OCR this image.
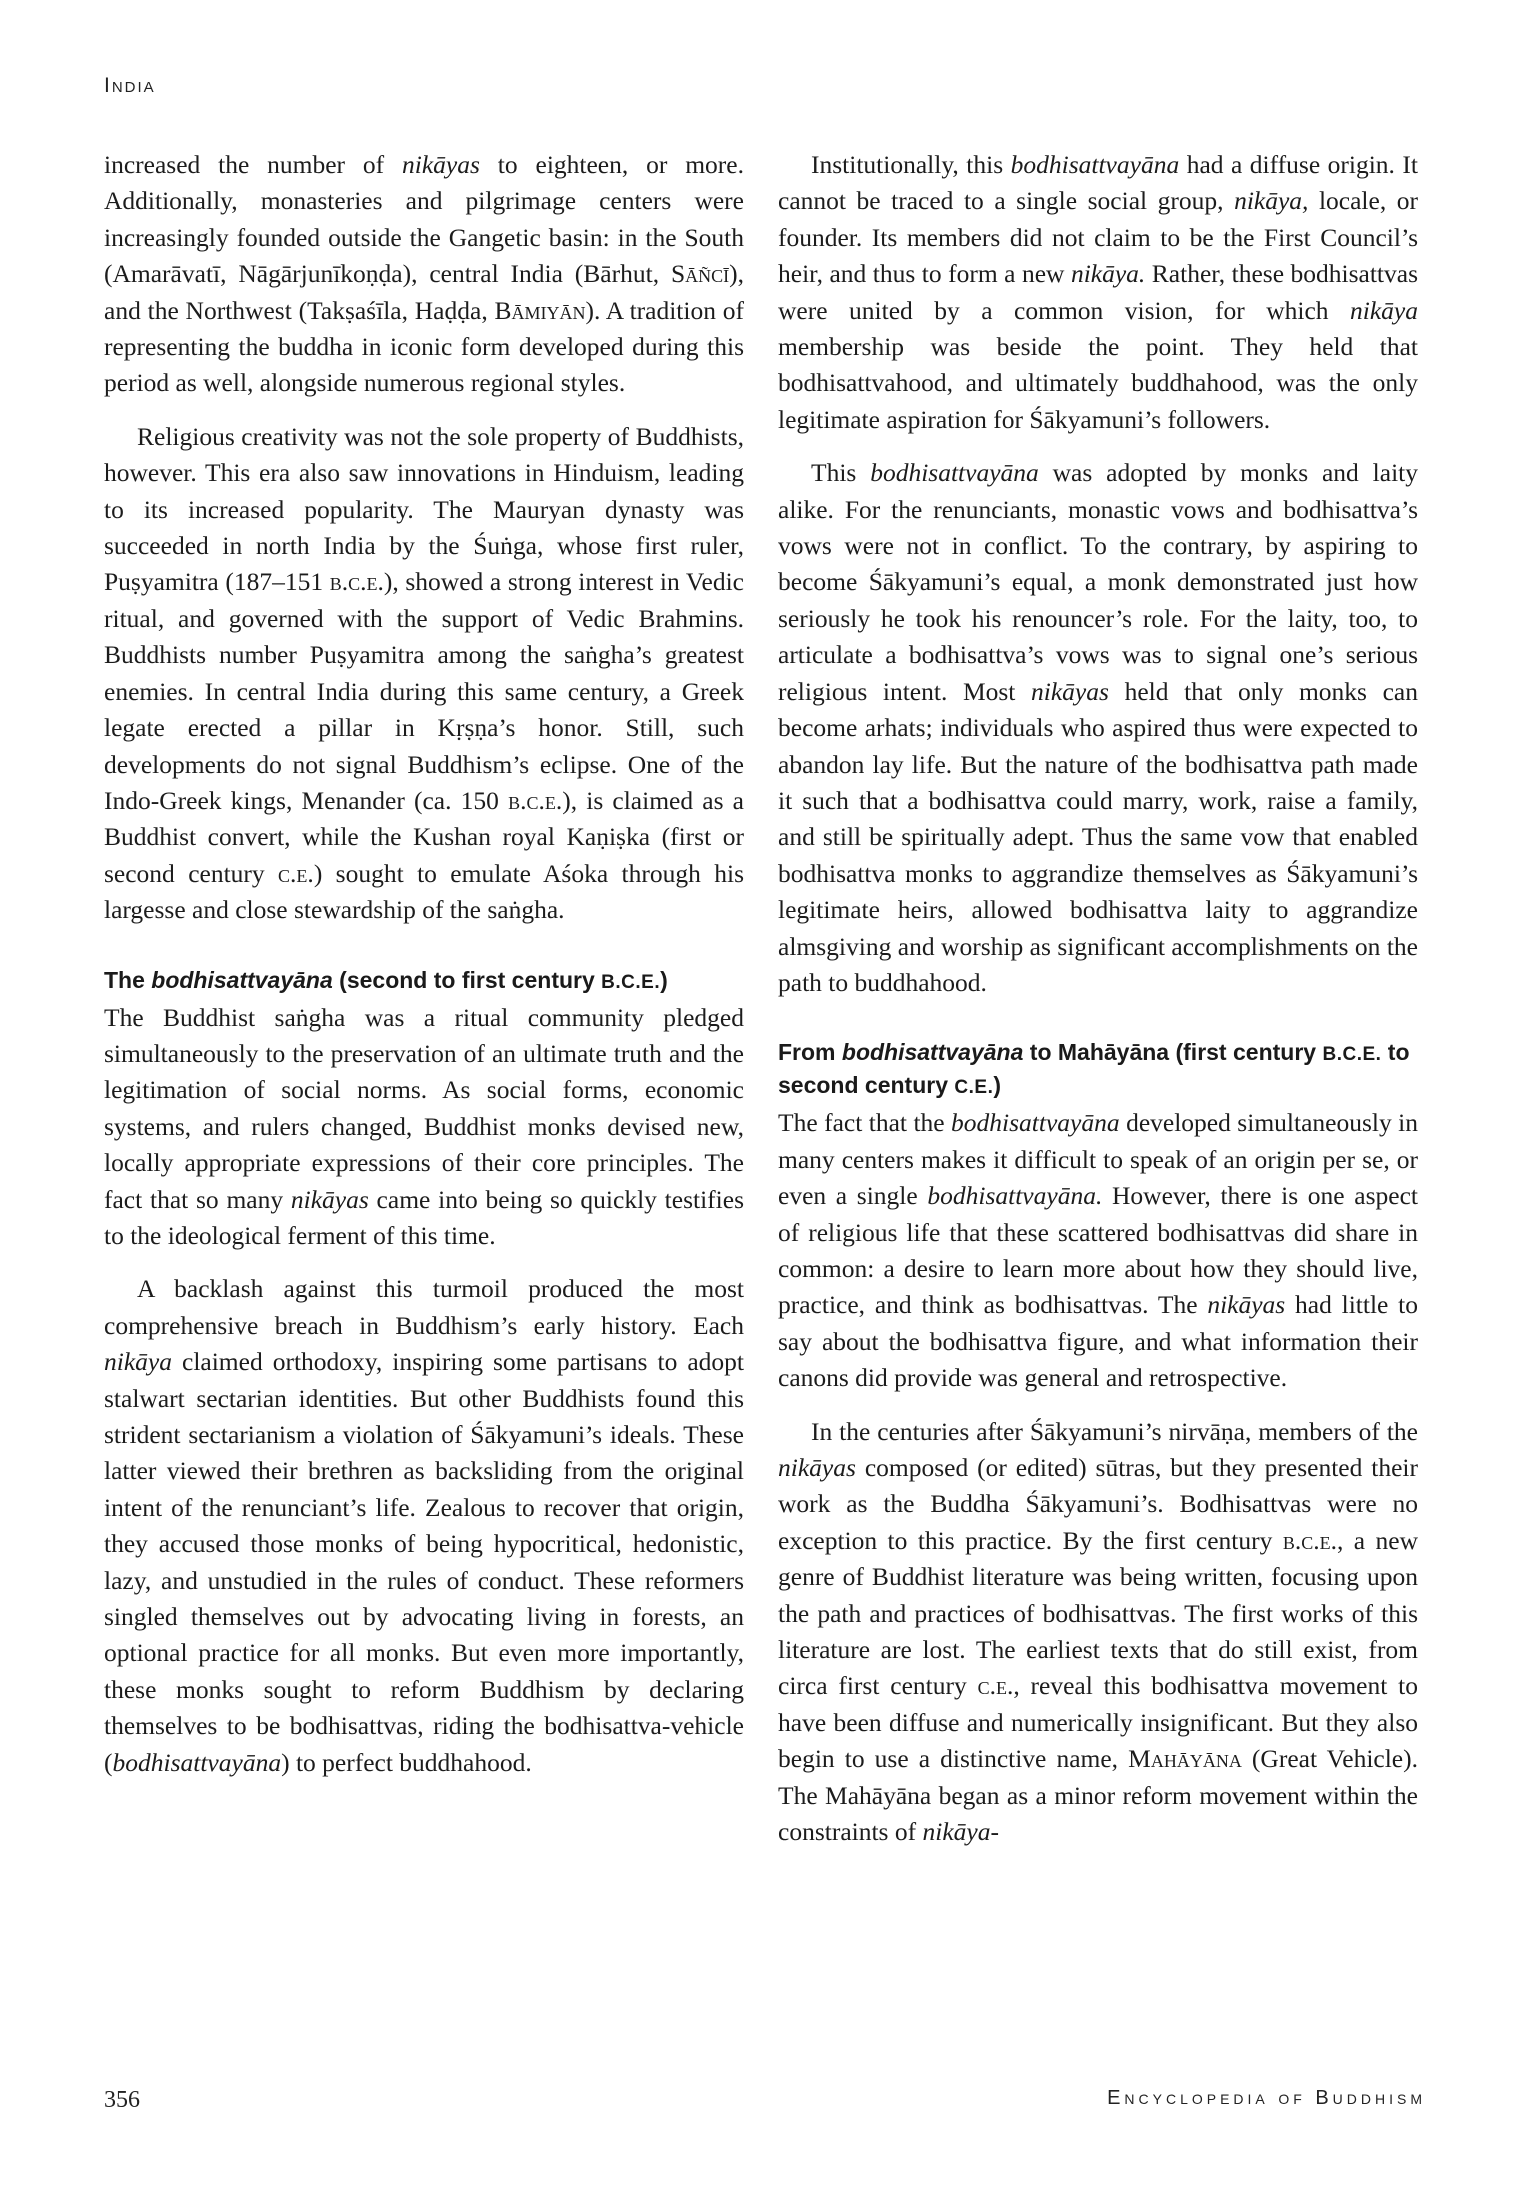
India

increased the number of nikāyas to eighteen, or more. Additionally, monasteries and pilgrimage centers were increasingly founded outside the Gangetic basin: in the South (Amarāvatī, Nāgārjunīkoṇḍa), central India (Bārhut, Sāñcī), and the Northwest (Takṣaśīla, Haḍḍa, Bāmiyān). A tradition of representing the buddha in iconic form developed during this period as well, alongside numerous regional styles.

Religious creativity was not the sole property of Buddhists, however. This era also saw innovations in Hinduism, leading to its increased popularity. The Mauryan dynasty was succeeded in north India by the Śuṅga, whose first ruler, Puṣyamitra (187–151 b.c.e.), showed a strong interest in Vedic ritual, and governed with the support of Vedic Brahmins. Buddhists number Puṣyamitra among the saṅgha’s greatest enemies. In central India during this same century, a Greek legate erected a pillar in Kṛṣṇa’s honor. Still, such developments do not signal Buddhism’s eclipse. One of the Indo-Greek kings, Menander (ca. 150 b.c.e.), is claimed as a Buddhist convert, while the Kushan royal Kaṇiṣka (first or second century c.e.) sought to emulate Aśoka through his largesse and close stewardship of the saṅgha.

The bodhisattvayāna (second to first century B.C.E.)

The Buddhist saṅgha was a ritual community pledged simultaneously to the preservation of an ultimate truth and the legitimation of social norms. As social forms, economic systems, and rulers changed, Buddhist monks devised new, locally appropriate expressions of their core principles. The fact that so many nikāyas came into being so quickly testifies to the ideological ferment of this time.

A backlash against this turmoil produced the most comprehensive breach in Buddhism’s early history. Each nikāya claimed orthodoxy, inspiring some partisans to adopt stalwart sectarian identities. But other Buddhists found this strident sectarianism a violation of Śākyamuni’s ideals. These latter viewed their brethren as backsliding from the original intent of the renunciant’s life. Zealous to recover that origin, they accused those monks of being hypocritical, hedonistic, lazy, and unstudied in the rules of conduct. These reformers singled themselves out by advocating living in forests, an optional practice for all monks. But even more importantly, these monks sought to reform Buddhism by declaring themselves to be bodhisattvas, riding the bodhisattva-vehicle (bodhisattvayāna) to perfect buddhahood.

Institutionally, this bodhisattvayāna had a diffuse origin. It cannot be traced to a single social group, nikāya, locale, or founder. Its members did not claim to be the First Council’s heir, and thus to form a new nikāya. Rather, these bodhisattvas were united by a common vision, for which nikāya membership was beside the point. They held that bodhisattvahood, and ultimately buddhahood, was the only legitimate aspiration for Śākyamuni’s followers.

This bodhisattvayāna was adopted by monks and laity alike. For the renunciants, monastic vows and bodhisattva’s vows were not in conflict. To the contrary, by aspiring to become Śākyamuni’s equal, a monk demonstrated just how seriously he took his renouncer’s role. For the laity, too, to articulate a bodhisattva’s vows was to signal one’s serious religious intent. Most nikāyas held that only monks can become arhats; individuals who aspired thus were expected to abandon lay life. But the nature of the bodhisattva path made it such that a bodhisattva could marry, work, raise a family, and still be spiritually adept. Thus the same vow that enabled bodhisattva monks to aggrandize themselves as Śākyamuni’s legitimate heirs, allowed bodhisattva laity to aggrandize almsgiving and worship as significant accomplishments on the path to buddhahood.

From bodhisattvayāna to Mahāyāna (first century B.C.E. to second century C.E.)

The fact that the bodhisattvayāna developed simultaneously in many centers makes it difficult to speak of an origin per se, or even a single bodhisattvayāna. However, there is one aspect of religious life that these scattered bodhisattvas did share in common: a desire to learn more about how they should live, practice, and think as bodhisattvas. The nikāyas had little to say about the bodhisattva figure, and what information their canons did provide was general and retrospective.

In the centuries after Śākyamuni’s nirvāṇa, members of the nikāyas composed (or edited) sūtras, but they presented their work as the Buddha Śākyamuni’s. Bodhisattvas were no exception to this practice. By the first century b.c.e., a new genre of Buddhist literature was being written, focusing upon the path and practices of bodhisattvas. The first works of this literature are lost. The earliest texts that do still exist, from circa first century c.e., reveal this bodhisattva movement to have been diffuse and numerically insignificant. But they also begin to use a distinctive name, Mahāyāna (Great Vehicle). The Mahāyāna began as a minor reform movement within the constraints of nikāya-

356	Encyclopedia of Buddhism
